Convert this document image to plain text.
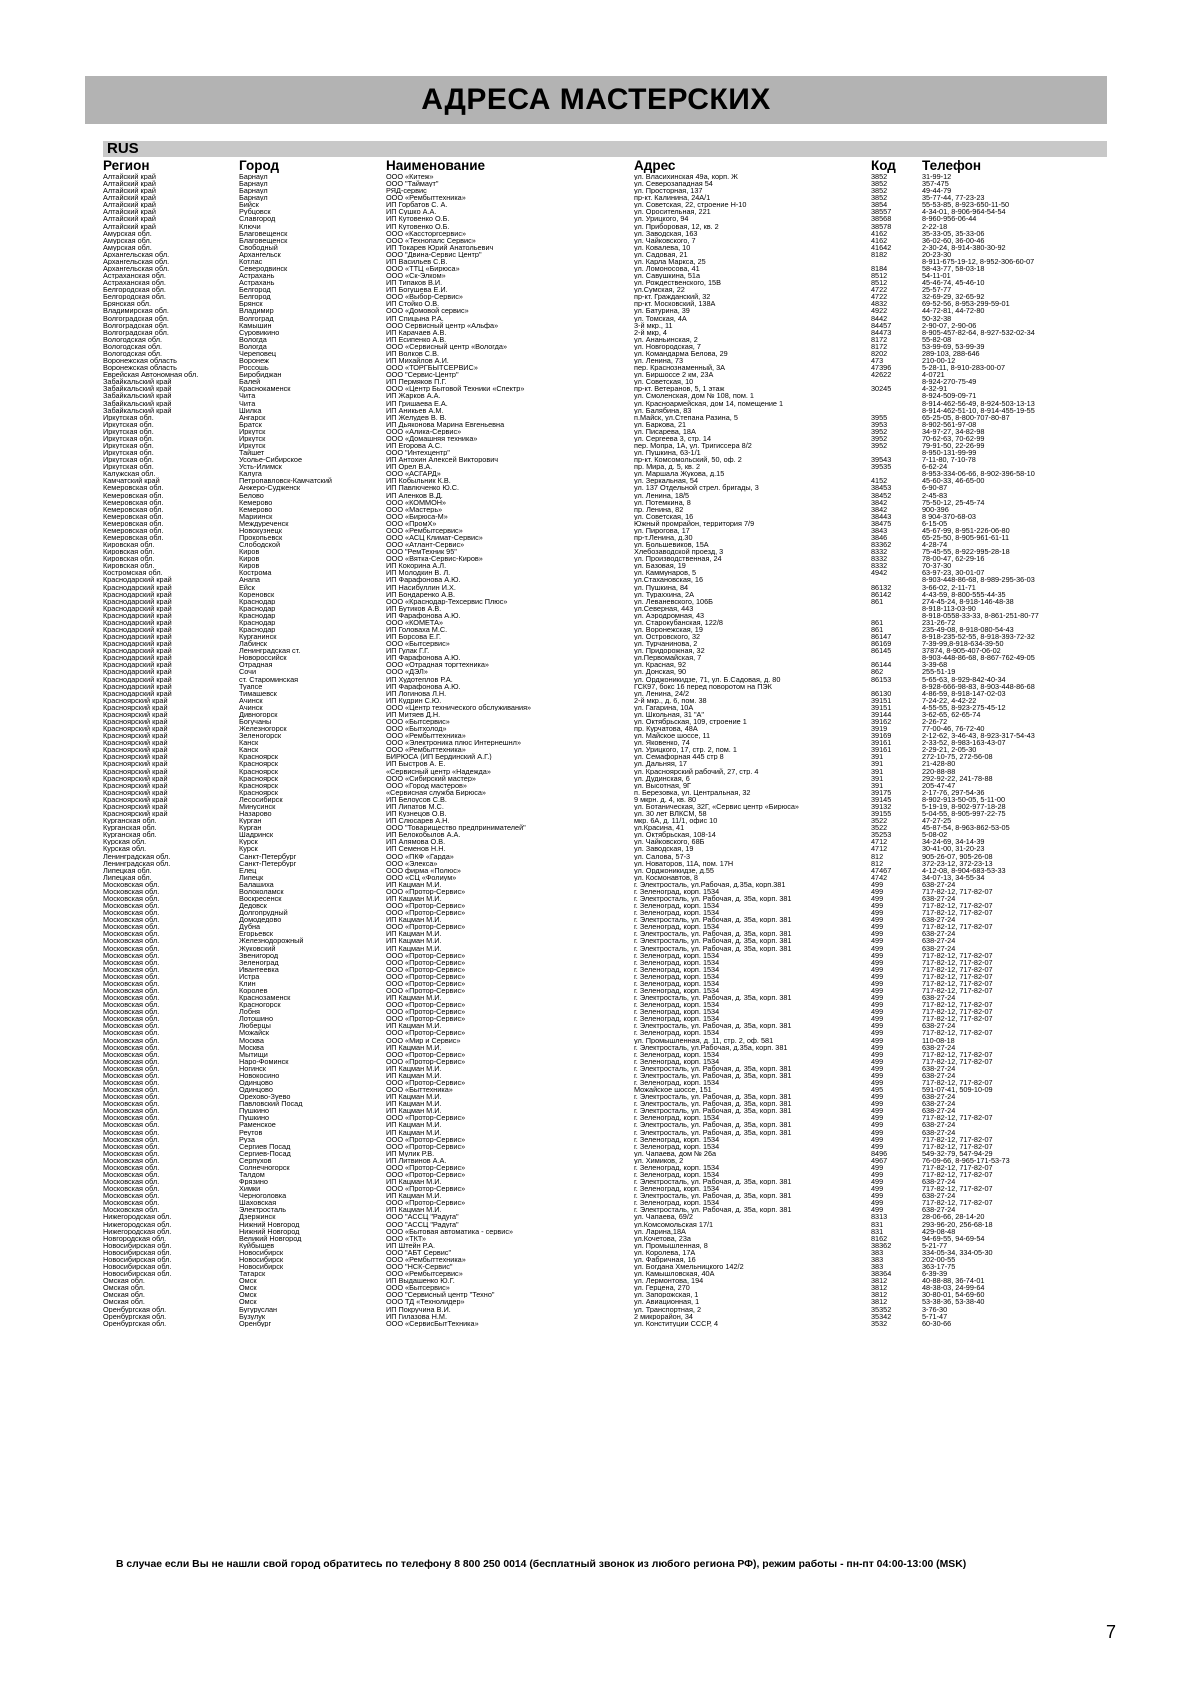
АДРЕСА МАСТЕРСКИХ
RUS
Регион	Город	Наименование	Адрес	Код	Телефон
Алтайский край	Барнаул	ООО «Китеж»	ул. Власихинская 49а, корп. Ж	3852	31-99-12
Алтайский край	Барнаул	ООО "Таймаут"	ул. Северозападная 54	3852	357-475
Алтайский край	Барнаул	РЯД-сервис	ул. Просторная, 137	3852	49-44-79
Алтайский край	Барнаул	ООО «Рембыттехника»	пр-кт. Калинина, 24А/1	3852	35-77-44, 77-23-23
Алтайский край	Бийск	ИП Горбатов С. А.	ул. Советская, 22, строение Н-10	3854	55-53-85, 8-923-650-11-50
Алтайский край	Рубцовск	ИП Сушко А.А.	ул. Оросительная, 221	38557	4-34-01, 8-906-964-54-54
Алтайский край	Славгород	ИП Кутовенко О.Б.	ул. Урицкого, 94	38568	8-960-956-06-44
Алтайский край	Ключи	ИП Кутовенко О.Б.	ул. Приборовая, 12, кв. 2	38578	2-22-18
Амурская обл.	Благовещенск	ООО «Кассторгсервис»	ул. Заводская, 163	4162	35-33-05, 35-33-06
Амурская обл.	Благовещенск	ООО «Технопалс Сервис»	ул. Чайковского, 7	4162	36-02-60, 36-00-46
Амурская обл.	Свободный	ИП Токарев Юрий Анатольевич	ул. Ковалева, 10	41642	2-30-24, 8-914-380-30-92
Архангельская обл.	Архангельск	ООО "Двина-Сервис Центр"	ул. Садовая, 21	8182	20-23-30
Архангельская обл.	Котлас	ИП Васильев С.В.	ул. Карла Маркса, 25		8-911-675-19-12, 8-952-306-60-07
Архангельская обл.	Северодвинск	ООО «ТТЦ «Бирюса»	ул. Ломоносова, 41	8184	58-43-77, 58-03-18
Астраханская обл.	Астрахань	ООО «Ск-Элком»	ул. Савушкина, 51а	8512	54-11-01
Астраханская обл.	Астрахань	ИП Типаков В.И.	ул. Рождественского, 15В	8512	45-46-74, 45-46-10
Белгородская обл.	Белгород	ИП Богушева Е.И.	ул.Сумская, 22	4722	25-57-77
Белгородская обл.	Белгород	ООО «Выбор-Сервис»	пр-кт. Гражданский, 32	4722	32-69-29, 32-65-92
Брянская обл.	Брянск	ИП Стойко О.В.	пр-кт. Московский, 138А	4832	69-52-56, 8-953-299-59-01
Владимирская обл.	Владимир	ООО «Домовой сервис»	ул. Батурина, 39	4922	44-72-81, 44-72-80
Волгоградская обл.	Волгоград	ИП Спицына Р.А.	ул. Томская, 4А	8442	50-32-38
Волгоградская обл.	Камышин	ООО Сервисный центр «Альфа»	3-й мкр., 11	84457	2-90-07, 2-90-06
Волгоградская обл.	Суровикино	ИП Карачаев А.В.	2-й мкр, 4	84473	8-905-457-82-64, 8-927-532-02-34
Вологодская обл.	Вологда	ИП Есипенко А.В.	ул. Ананьинская, 2	8172	55-82-08
Вологодская обл.	Вологда	ООО «Сервисный центр «Вологда»	ул. Новгородская, 7	8172	53-99-69, 53-99-39
Вологодская обл.	Череповец	ИП Волков С.В.	ул. Командарма Белова, 29	8202	289-103, 288-646
Воронежская область	Воронеж	ИП Михайлов А.И.	ул. Ленина, 73	473	210-00-12
Воронежская область	Россошь	ООО «ТОРГБЫТСЕРВИС»	пер. Краснознаменный, 3А	47396	5-28-11, 8-910-283-00-07
Еврейская Автономная обл.	Биробиджан	ООО "Сервис-Центр"	ул. Биршоссе 2 км, 23А	42622	4-0721
Забайкальский край	Балей	ИП Пермяков П.Г.	ул. Советская, 10		8-924-270-75-49
Забайкальский край	Краснокаменск	ООО «Центр Бытовой Техники «Спектр»	пр-кт. Ветеранов, 5, 1 этаж	30245	4-32-91
Забайкальский край	Чита	ИП Жарков А.А.	ул. Смоленская, дом № 108, пом. 1		8-924-509-09-71
Забайкальский край	Чита	ИП Гришаева Е.А.	ул. Красноармейская, дом 14, помещение 1		8-914-462-56-49, 8-924-503-13-13
Забайкальский край	Шилка	ИП Аникьев А.М.	ул. Балябина, 83		8-914-462-51-10, 8-914-455-19-55
Иркутская обл.	Ангарск	ИП Желудев В. В.	п.Майск, ул.Степана Разина, 5	3955	65-25-05, 8-800-707-80-87
Иркутская обл.	Братск	ИП Дьяконова Марина Евгеньевна	ул. Баркова, 21	3953	8-902-561-97-08
Иркутская обл.	Иркутск	ООО «Алика-Сервис»	ул. Писарева, 18А	3952	34-97-27, 34-82-98
Иркутская обл.	Иркутск	ООО «Домашняя техника»	ул. Сергеева 3, стр. 14	3952	70-62-63, 70-62-99
Иркутская обл.	Иркутск	ИП Егорова А.С.	пер. Мопра, 1А, ул. Тригиссера 8/2	3952	79-91-50, 22-26-99
Иркутская обл.	Тайшет	ООО "Интехцентр"	ул. Пушкина, 63-1/1		8-950-131-99-99
Иркутская обл.	Усолье-Сибирское	ИП Антохин Алексей Викторович	пр-кт. Комсомольский, 50, оф. 2	39543	7-11-80, 7-10-78
Иркутская обл.	Усть-Илимск	ИП Орел В.А.	пр. Мира, д. 5, кв. 2	39535	6-62-24
Калужская обл.	Калуга	ООО «АСГАРД»	ул. Маршала Жукова, д.15		8-953-334-06-66, 8-902-396-58-10
Камчатский край	Петропавловск-Камчатский	ИП Кобыльник К.В.	ул. Зеркальная, 54	4152	45-60-33, 46-65-00
Кемеровская обл.	Анжеро-Судженск	ИП Павлюченко Ю.С.	ул. 137 Отдельной стрел. бригады, 3	38453	6-90-87
Кемеровская обл.	Белово	ИП Аленков В.Д.	ул. Ленина, 18/5	38452	2-45-83
Кемеровская обл.	Кемерово	ООО «КОММОН»	ул. Потемкина, 8	3842	75-50-12, 25-45-74
Кемеровская обл.	Кемерово	ООО «Мастерь»	пр. Ленина, 82	3842	900-396
Кемеровская обл.	Мариинск	ООО «Бирюса-М»	ул. Советская, 16	38443	8 904-370-68-03
Кемеровская обл.	Междуреченск	ООО «ПромХ»	Южный промрайон, территория 7/9	38475	6-15-05
Кемеровская обл.	Новокузнецк	ООО «Рембытсервис»	ул. Пирогова, 17	3843	45-67-99, 8-951-226-06-80
Кемеровская обл.	Прокопьевск	ООО «АСЦ Климат-Сервис»	пр-т.Ленина, д.30	3846	65-25-50, 8-905-961-61-11
Кировская обл.	Слободской	ООО «Атлант-Сервис»	ул. Большевиков, 15А	83362	4-28-74
Кировская обл.	Киров	ООО "РемТехник 95"	Хлебозаводской проезд, 3	8332	75-45-55, 8-922-995-28-18
Кировская обл.	Киров	ООО «Вятка-Сервис-Киров»	ул. Производственная, 24	8332	78-00-47, 62-29-16
Кировская обл.	Киров	ИП Кокорина А.Л.	ул. Базовая, 19	8332	70-37-30
Костромская обл.	Кострома	ИП Молодкин В. Л.	ул. Каммунаров, 5	4942	63-97-23, 30-01-07
Краснодарский край	Анапа	ИП Фарафонова А.Ю.	ул.Стахановская, 16		8-903-448-86-68, 8-989-295-36-03
Краснодарский край	Ейск	ИП Насибуллин И.Х.	ул. Пушкина, 84	86132	3-66-02, 2-11-71
Краснодарский край	Кореновск	ИП Бондаренко А.В.	ул. Тураххина, 2А	86142	4-43-59, 8-800-555-44-35
Краснодарский край	Краснодар	ООО «Краснодар-Техсервис Плюс»	ул. Леваневского, 106Б	861	274-45-24, 8-918-146-48-38
Краснодарский край	Краснодар	ИП Бутиков А.В.	ул.Северная, 443		8-918-113-03-90
Краснодарский край	Краснодар	ИП Фарафонова А.Ю.	ул. Аэродромная, 43		8-918-0558-33-33, 8-861-251-80-77
Краснодарский край	Краснодар	ООО «КОМЕТА»	ул. Старокубанская, 122/8	861	231-26-72
Краснодарский край	Краснодар	ИП Головаха М.С.	ул. Воронежская, 19	861	235-49-08, 8-918-080-54-43
Краснодарский край	Курганинск	ИП Борсова Е.Г.	ул. Островского, 32	86147	8-918-235-52-55, 8-918-393-72-32
Краснодарский край	Лабинск	ООО «Бытсервис»	ул. Турчанинова, 2	86169	7-39-99,8-918-634-39-50
Краснодарский край	Ленинградская ст.	ИП Гулак Г.Г.	ул. Придорожная, 32	86145	37874, 8-905-407-06-02
Краснодарский край	Новороссийск	ИП Фарафонова А.Ю.	ул.Первомайская, 7		8-903-448-86-68, 8-867-762-49-05
Краснодарский край	Отрадная	ООО «Отрадная торгтехника»	ул. Красная, 92	86144	3-39-68
Краснодарский край	Сочи	ООО «ДЭЛ»	ул. Донская, 90	862	255-51-19
Краснодарский край	ст. Староминская	ИП Худотеплов Р.А.	ул. Орджоникидзе, 71, ул. Б.Садовая, д. 80	86153	5-65-63, 8-929-842-40-34
Краснодарский край	Туапсе	ИП Фарафонова А.Ю.	ГСК97, бокс 16 перед поворотом на ПЭК		8-928-666-98-83, 8-903-448-86-68
Краснодарский край	Тимашевск	ИП Логинова Л.Н.	ул. Ленина, 24/2	86130	4-86-59, 8-918-147-02-03
Красноярский край	Ачинск	ИП Кудрин С.Ю.	2-й мкр., д. 6, пом. 38	39151	7-24-22, 4-42-22
Красноярский край	Ачинск	ООО «Центр технического обслуживания»	ул. Гагарина, 10А	39151	4-55-55, 8-923-275-45-12
Красноярский край	Дивногорск	ИП Митяев Д.Н.	ул. Школьная, 31 "А"	39144	3-62-65, 62-65-74
Красноярский край	Богучаны	ООО «Бытсервис»	ул. Октябрьская, 109, строение 1	39162	2-26-72
Красноярский край	Железногорск	ООО «Бытхолод»	пр. Курчатова, 48А	3919	77-00-46, 76-72-40
Красноярский край	Зеленогорск	ООО «Рембыттехника»	ул. Майское шоссе, 11	39169	2-12-62, 3-46-43, 8-923-317-54-43
Красноярский край	Канск	ООО «Электроника плюс Интернешнл»	ул. Яковенко, 74	39161	2-33-52, 8-983-163-43-07
Красноярский край	Канск	ООО «Рембыттехника»	ул. Урицкого, 17, стр. 2, пом. 1	39161	2-29-21, 2-05-30
Красноярский край	Красноярск	БИРЮСА (ИП Бердинский А.Г.)	ул. Семафорная 445 стр 8	391	272-10-75, 272-56-08
Красноярский край	Красноярск	ИП Быстров А. Е.	ул. Дальняя, 17	391	21-428-80
Красноярский край	Красноярск	«Сервисный центр «Надежда»	ул. Красноярский рабочий, 27, стр. 4	391	220-88-88
Красноярский край	Красноярск	ООО «Сибирский мастер»	ул. Дудинская, 6	391	292-92-22, 241-78-88
Красноярский край	Красноярск	ООО «Город мастеров»	ул. Высотная, 9Г	391	205-47-47
Красноярский край	Красноярск	«Сервисная служба Бирюса»	п. Березовка, ул. Центральная, 32	39175	2-17-76, 297-54-36
Красноярский край	Лесосибирск	ИП Белоусов С.В.	9 мкрн. д. 4, кв. 80	39145	8-902-913-50-05, 5-11-00
Красноярский край	Минусинск	ИП Липатов М.С.	ул. Ботаническая, 32Г, «Сервис центр «Бирюса»	39132	5-19-19, 8-902-977-18-28
Красноярский край	Назарово	ИП Кузнецов О.В.	ул. 30 лет ВЛКСМ, 58	39155	5-04-55, 8-905-997-22-75
Курганская обл.	Курган	ИП Слюсарев А.Н.	мкр. 6А, д. 11/1, офис 10	3522	47-27-25
Курганская обл.	Курган	ООО "Товарищество предпринимателей"	ул.Красина, 41	3522	45-87-54, 8-963-862-53-05
Курганская обл.	Шадринск	ИП Белокобылов А.А.	ул. Октябрьская, 108-14	35253	5-08-02
Курская обл.	Курск	ИП Алямова О.В.	ул. Чайковского, 68Б	4712	34-24-69, 34-14-39
Курская обл.	Курск	ИП Семенов Н.Н.	ул. Заводская, 19	4712	30-41-00, 31-20-23
Ленинградская обл.	Санкт-Петербург	ООО «ПКФ «Гарда»	ул. Салова, 57-3	812	905-26-07, 905-26-08
Ленинградская обл.	Санкт-Петербург	ООО «Элекса»	ул. Новаторов, 11А, пом. 17Н	812	372-23-12, 372-23-13
Липецкая обл.	Елец	ООО фирма «Полюс»	ул. Орджоникидзе, д.55	47467	4-12-08, 8-904-683-53-33
Липецкая обл.	Липецк	ООО «СЦ «Фолиум»	ул. Космонавтов, 8	4742	34-07-13, 34-55-34
Московская обл.	Балашиха	ИП Кацман М.И.	г. Электросталь, ул.Рабочая, д.35а, корп.381	499	638-27-24
Московская обл.	Волоколамск	ООО «Протор-Сервис»	г. Зеленоград, корп. 1534	499	717-82-12, 717-82-07
Московская обл.	Воскресенск	ИП Кацман М.И.	г. Электросталь, ул. Рабочая, д. 35а, корп. 381	499	638-27-24
Московская обл.	Дедовск	ООО «Протор-Сервис»	г. Зеленоград, корп. 1534	499	717-82-12, 717-82-07
Московская обл.	Долгопрудный	ООО «Протор-Сервис»	г. Зеленоград, корп. 1534	499	717-82-12, 717-82-07
Московская обл.	Домодедово	ИП Кацман М.И.	г. Электросталь, ул. Рабочая, д. 35а, корп. 381	499	638-27-24
Московская обл.	Дубна	ООО «Протор-Сервис»	г. Зеленоград, корп. 1534	499	717-82-12, 717-82-07
Московская обл.	Егорьевск	ИП Кацман М.И.	г. Электросталь, ул. Рабочая, д. 35а, корп. 381	499	638-27-24
Московская обл.	Железнодорожный	ИП Кацман М.И.	г. Электросталь, ул. Рабочая, д. 35а, корп. 381	499	638-27-24
Московская обл.	Жуковский	ИП Кацман М.И.	г. Электросталь, ул. Рабочая, д. 35а, корп. 381	499	638-27-24
Московская обл.	Звенигород	ООО «Протор-Сервис»	г. Зеленоград, корп. 1534	499	717-82-12, 717-82-07
Московская обл.	Зеленоград	ООО «Протор-Сервис»	г. Зеленоград, корп. 1534	499	717-82-12, 717-82-07
Московская обл.	Ивантеевка	ООО «Протор-Сервис»	г. Зеленоград, корп. 1534	499	717-82-12, 717-82-07
Московская обл.	Истра	ООО «Протор-Сервис»	г. Зеленоград, корп. 1534	499	717-82-12, 717-82-07
Московская обл.	Клин	ООО «Протор-Сервис»	г. Зеленоград, корп. 1534	499	717-82-12, 717-82-07
Московская обл.	Королев	ООО «Протор-Сервис»	г. Зеленоград, корп. 1534	499	717-82-12, 717-82-07
Московская обл.	Краснозаменск	ИП Кацман М.И.	г. Электросталь, ул. Рабочая, д. 35а, корп. 381	499	638-27-24
Московская обл.	Красногорск	ООО «Протор-Сервис»	г. Зеленоград, корп. 1534	499	717-82-12, 717-82-07
Московская обл.	Лобня	ООО «Протор-Сервис»	г. Зеленоград, корп. 1534	499	717-82-12, 717-82-07
Московская обл.	Лотошино	ООО «Протор-Сервис»	г. Зеленоград, корп. 1534	499	717-82-12, 717-82-07
Московская обл.	Люберцы	ИП Кацман М.И.	г. Электросталь, ул. Рабочая, д. 35а, корп. 381	499	638-27-24
Московская обл.	Можайск	ООО «Протор-Сервис»	г. Зеленоград, корп. 1534	499	717-82-12, 717-82-07
Московская обл.	Москва	ООО «Мир и Сервис»	ул. Промышленная, д. 11, стр. 2, оф. 581	499	110-08-18
Московская обл.	Москва	ИП Кацман М.И.	г. Электросталь, ул.Рабочая, д.35а, корп. 381	499	638-27-24
Московская обл.	Мытищи	ООО «Протор-Сервис»	г. Зеленоград, корп. 1534	499	717-82-12, 717-82-07
Московская обл.	Наро-Фоминск	ООО «Протор-Сервис»	г. Зеленоград, корп. 1534	499	717-82-12, 717-82-07
Московская обл.	Ногинск	ИП Кацман М.И.	г. Электросталь, ул. Рабочая, д. 35а, корп. 381	499	638-27-24
Московская обл.	Новокосино	ИП Кацман М.И.	г. Электросталь, ул. Рабочая, д. 35а, корп. 381	499	638-27-24
Московская обл.	Одинцово	ООО «Протор-Сервис»	г. Зеленоград, корп. 1534	499	717-82-12, 717-82-07
Московская обл.	Одинцово	ООО «Быттехника»	Можайское шоссе, 151	495	591-07-41, 509-10-09
Московская обл.	Орехово-Зуево	ИП Кацман М.И.	г. Электросталь, ул. Рабочая, д. 35а, корп. 381	499	638-27-24
Московская обл.	Павловский Посад	ИП Кацман М.И.	г. Электросталь, ул. Рабочая, д. 35а, корп. 381	499	638-27-24
Московская обл.	Пушкино	ИП Кацман М.И.	г. Электросталь, ул. Рабочая, д. 35а, корп. 381	499	638-27-24
Московская обл.	Пушкино	ООО «Протор-Сервис»	г. Зеленоград, корп. 1534	499	717-82-12, 717-82-07
Московская обл.	Раменское	ИП Кацман М.И.	г. Электросталь, ул. Рабочая, д. 35а, корп. 381	499	638-27-24
Московская обл.	Реутов	ИП Кацман М.И.	г. Электросталь, ул. Рабочая, д. 35а, корп. 381	499	638-27-24
Московская обл.	Руза	ООО «Протор-Сервис»	г. Зеленоград, корп. 1534	499	717-82-12, 717-82-07
Московская обл.	Сергиев Посад	ООО «Протор-Сервис»	г. Зеленоград, корп. 1534	499	717-82-12, 717-82-07
Московская обл.	Сергиев-Посад	ИП Мулик Р.В.	ул. Чапаева, дом № 26а	8496	549-32-79, 547-94-29
Московская обл.	Серпухов	ИП Литвинов А.А.	ул. Химиков, 2	4967	76-09-66, 8-965-171-53-73
Московская обл.	Солнечногорск	ООО «Протор-Сервис»	г. Зеленоград, корп. 1534	499	717-82-12, 717-82-07
Московская обл.	Талдом	ООО «Протор-Сервис»	г. Зеленоград, корп. 1534	499	717-82-12, 717-82-07
Московская обл.	Фрязино	ИП Кацман М.И.	г. Электросталь, ул. Рабочая, д. 35а, корп. 381	499	638-27-24
Московская обл.	Химки	ООО «Протор-Сервис»	г. Зеленоград, корп. 1534	499	717-82-12, 717-82-07
Московская обл.	Черноголовка	ИП Кацман М.И.	г. Электросталь, ул. Рабочая, д. 35а, корп. 381	499	638-27-24
Московская обл.	Шаховская	ООО «Протор-Сервис»	г. Зеленоград, корп. 1534	499	717-82-12, 717-82-07
Московская обл.	Электросталь	ИП Кацман М.И.	г. Электросталь, ул. Рабочая, д. 35а, корп. 381	499	638-27-24
Нижегородская обл.	Дзержинск	ООО "АССЦ "Радуга"	ул. Чапаева, 69/2	8313	28-06-66, 28-14-20
Нижегородская обл.	Нижний Новгород	ООО "АССЦ "Радуга"	ул.Комсомольская 17/1	831	293-96-20, 256-68-18
Нижегородская обл.	Нижний Новгород	ООО «Бытовая автоматика - сервис»	ул. Ларина,18А	831	429-08-48
Новгородская обл.	Великий Новгород	ООО «ТКТ»	ул.Кочетова, 23а	8162	94-69-55, 94-69-54
Новосибирская обл.	Куйбышев	ИП Штейн Р.А.	ул. Промышленная, 8	38362	5-21-77
Новосибирская обл.	Новосибирск	ООО "АБТ Сервис"	ул. Королева, 17А	383	334-05-34, 334-05-30
Новосибирская обл.	Новосибирск	ООО «Рембыттехника»	ул. Фабричная, 16	383	202-00-55
Новосибирская обл.	Новосибирск	ООО "НСК-Сервис"	ул. Богдана Хмельницкого 142/2	383	363-17-75
Новосибирская обл.	Татарск	ООО «Рембытсервис»	ул. Камышловская, 40А	38364	6-39-39
Омская обл.	Омск	ИП Выдашенко Ю.Г.	ул. Лермонтова, 194	3812	40-88-88, 36-74-01
Омская обл.	Омск	ООО «Бытсервис»	ул. Герцена, 270	3812	48-38-03, 24-99-64
Омская обл.	Омск	ООО "Сервисный центр "Техно"	ул. Запорожская, 1	3812	30-80-01, 54-69-60
Омская обл.	Омск	ООО ТД «Технолидер»	ул. Авиационная, 1	3812	53-38-36, 53-38-40
Оренбургская обл.	Бугуруслан	ИП Покручина В.И.	ул. Транспортная, 2	35352	3-76-30
Оренбургская обл.	Бузулук	ИП Гилазова Н.М.	2 микрорайон, 34	35342	5-71-47
Оренбургская обл.	Оренбург	ООО «СервисБытТехника»	ул. Конституции СССР, 4	3532	60-30-66
В случае если Вы не нашли свой город обратитесь по телефону 8 800 250 0014 (бесплатный звонок из любого региона РФ), режим работы - пн-пт 04:00-13:00 (MSK)
7
